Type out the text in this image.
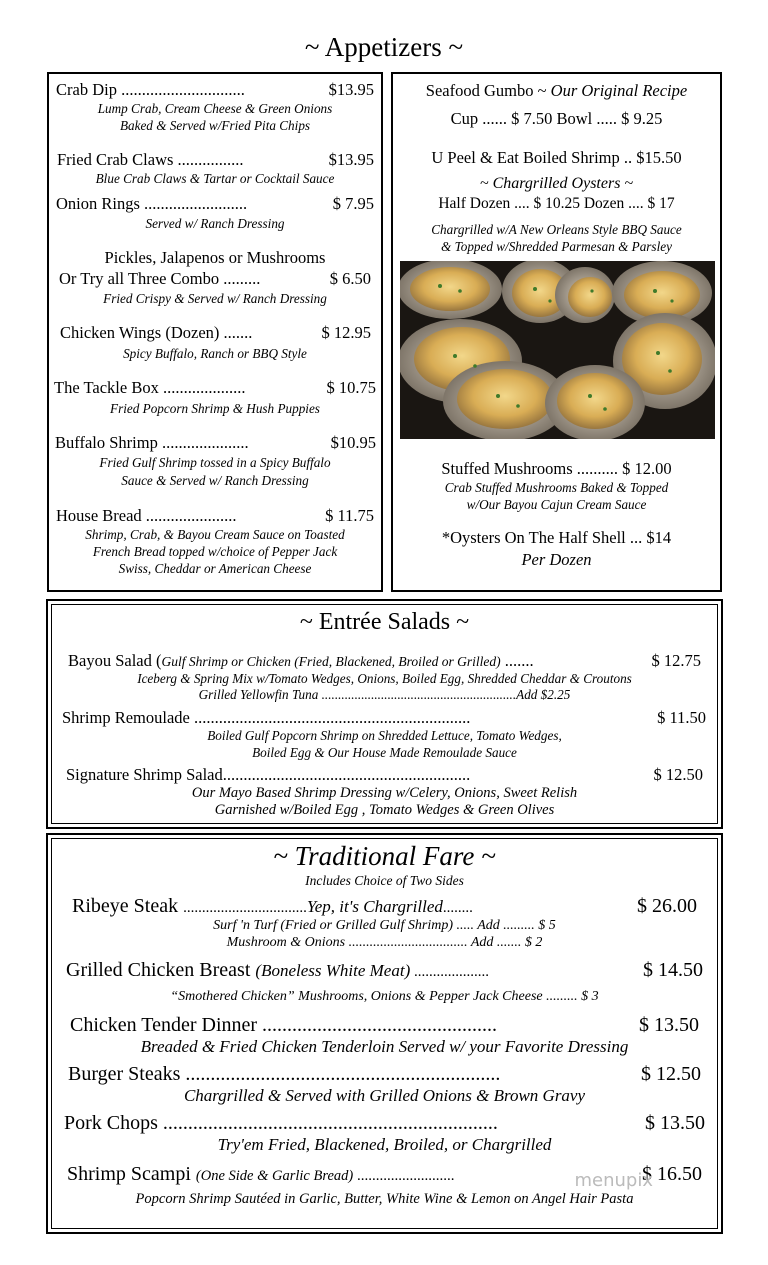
~ Appetizers ~
Crab Dip ..............................	$13.95
Lump Crab, Cream Cheese & Green Onions
Baked & Served w/Fried Pita Chips
Fried Crab Claws ................	$13.95
Blue Crab Claws & Tartar or Cocktail Sauce
Onion Rings .........................	$ 7.95
Served w/ Ranch Dressing
Pickles, Jalapenos or Mushrooms
Or Try all Three Combo .........	$ 6.50
Fried Crispy & Served w/ Ranch Dressing
Chicken Wings (Dozen) .......	$ 12.95
Spicy Buffalo, Ranch or BBQ Style
The Tackle Box ....................	$ 10.75
Fried Popcorn Shrimp & Hush Puppies
Buffalo Shrimp .....................	$10.95
Fried Gulf Shrimp tossed in a Spicy Buffalo
Sauce & Served w/ Ranch Dressing
House Bread ......................	$ 11.75
Shrimp, Crab, & Bayou Cream Sauce on Toasted
French Bread topped w/choice of Pepper Jack
Swiss, Cheddar or American Cheese
Seafood Gumbo ~ Our Original Recipe
Cup ...... $ 7.50 Bowl ..... $ 9.25
U Peel & Eat Boiled Shrimp .. $15.50
~ Chargrilled Oysters ~
Half Dozen .... $ 10.25 Dozen .... $ 17
Chargrilled w/A New Orleans Style BBQ Sauce
& Topped w/Shredded Parmesan & Parsley
Stuffed Mushrooms .......... $ 12.00
Crab Stuffed Mushrooms Baked & Topped
w/Our Bayou Cajun Cream Sauce
*Oysters On The Half Shell ... $14
Per Dozen
~ Entrée Salads ~
Bayou Salad (Gulf Shrimp or Chicken (Fried, Blackened, Broiled or Grilled) .......	$ 12.75
Iceberg & Spring Mix w/Tomato Wedges, Onions, Boiled Egg, Shredded Cheddar & Croutons
Grilled Yellowfin Tuna ...........................................................Add $2.25
Shrimp Remoulade ...................................................................	$ 11.50
Boiled Gulf Popcorn Shrimp on Shredded Lettuce, Tomato Wedges,
Boiled Egg & Our House Made Remoulade Sauce
Signature Shrimp Salad............................................................	$ 12.50
Our Mayo Based Shrimp Dressing w/Celery, Onions, Sweet Relish
Garnished w/Boiled Egg , Tomato Wedges & Green Olives
~ Traditional Fare ~
Includes Choice of Two Sides
Ribeye Steak .................................Yep, it's Chargrilled........	$ 26.00
Surf 'n Turf (Fried or Grilled Gulf Shrimp) ..... Add ......... $ 5
Mushroom & Onions .................................. Add ....... $ 2
Grilled Chicken Breast (Boneless White Meat) ....................	$ 14.50
“Smothered Chicken” Mushrooms, Onions & Pepper Jack Cheese ......... $ 3
Chicken Tender Dinner ...............................................	$ 13.50
Breaded & Fried Chicken Tenderloin Served w/ your Favorite Dressing
Burger Steaks ...............................................................	$ 12.50
Chargrilled & Served with Grilled Onions & Brown Gravy
Pork Chops ...................................................................	$ 13.50
Try'em Fried, Blackened, Broiled, or Chargrilled
Shrimp Scampi (One Side & Garlic Bread) ..........................	$ 16.50
Popcorn Shrimp Sautéed in Garlic, Butter, White Wine & Lemon on Angel Hair Pasta
menupix
